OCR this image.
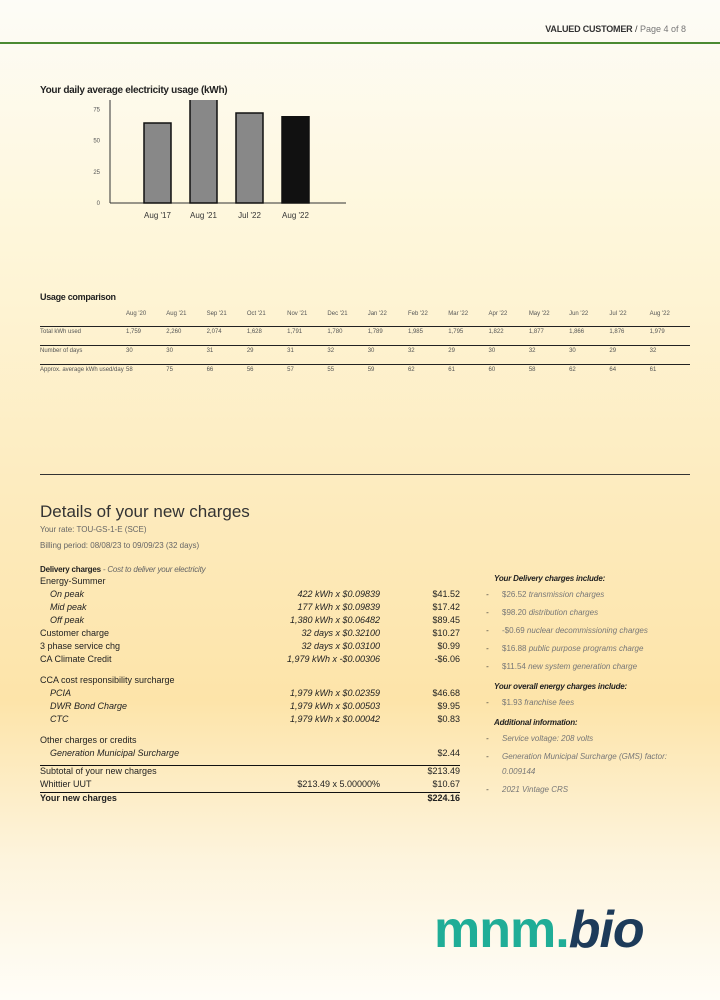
VALUED CUSTOMER / Page 4 of 8
Your daily average electricity usage (kWh)
0
25
50
75
Aug '17 Aug '21	Jul '22	Aug '22
Usage comparison
	Aug '20	Aug '21	Sep '21	Oct '21	Nov '21	Dec '21	Jan '22	Feb '22	Mar '22	Apr '22	May '22	Jun '22	Jul '22	Aug '22
Total kWh used	1,759	2,260	2,074	1,628	1,791	1,780	1,789	1,985	1,795	1,822	1,877	1,866	1,876	1,979
Number of days	30	30	31	29	31	32	30	32	29	30	32	30	29	32
Approx. average kWh used/day	58	75	66	56	57	55	59	62	61	60	58	62	64	61
Details of your new charges
Your rate: TOU-GS-1-E (SCE)
Billing period: 08/08/23 to 09/09/23 (32 days)
Delivery charges - Cost to deliver your electricity
Energy-Summer
On peak	422 kWh x $0.09839	$41.52
Mid peak	177 kWh x $0.09839	$17.42
Off peak	1,380 kWh x $0.06482	$89.45
Customer charge	32 days x $0.32100	$10.27
3 phase service chg	32 days x $0.03100	$0.99
CA Climate Credit	1,979 kWh x -$0.00306	-$6.06
CCA cost responsibility surcharge
PCIA	1,979 kWh x $0.02359	$46.68
DWR Bond Charge	1,979 kWh x $0.00503	$9.95
CTC	1,979 kWh x $0.00042	$0.83
Other charges or credits
Generation Municipal Surcharge	$2.44
Subtotal of your new charges	$213.49
Whittier UUT	$213.49 x 5.00000%	$10.67
Your new charges	$224.16
Your Delivery charges include:
- $26.52 transmission charges
- $98.20 distribution charges
- -$0.69 nuclear decommissioning charges
- $16.88 public purpose programs charge
- $11.54 new system generation charge
Your overall energy charges include:
- $1.93 franchise fees
Additional information:
- Service voltage: 208 volts
- Generation Municipal Surcharge (GMS) factor: 0.009144
- 2021 Vintage CRS
mnm.bio
